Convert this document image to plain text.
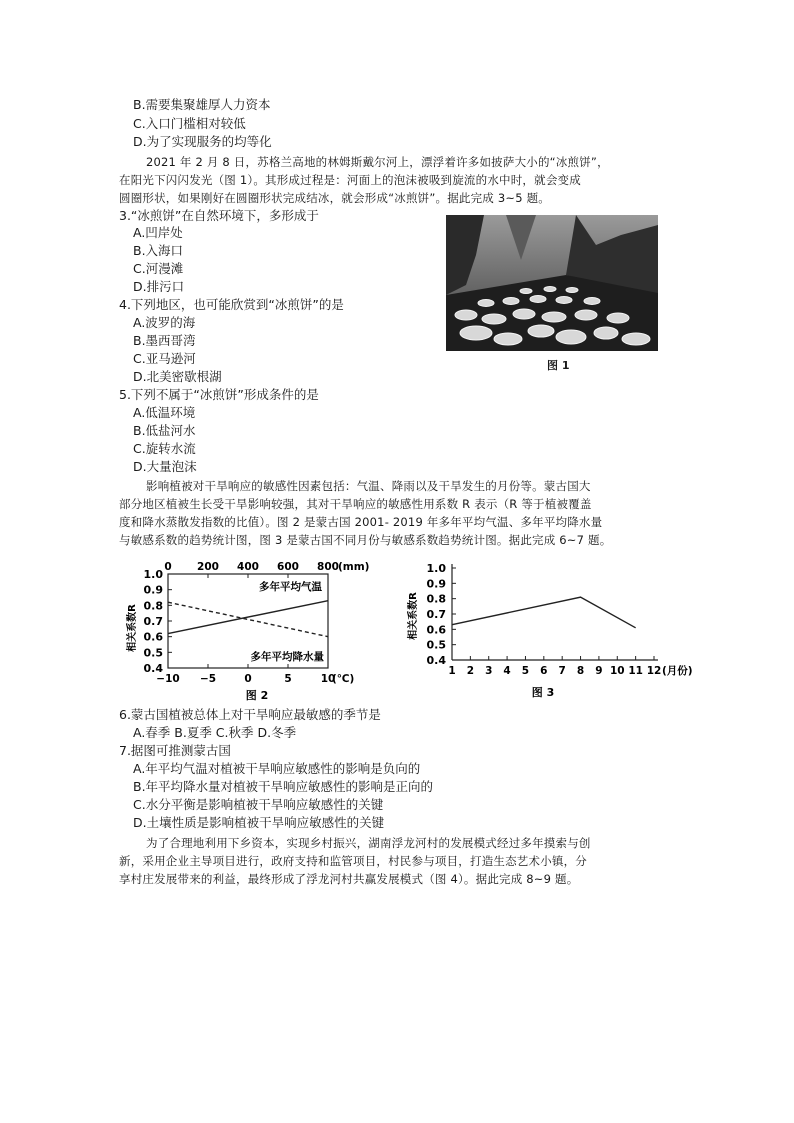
B.需要集聚雄厚人力资本
C.入口门槛相对较低
D.为了实现服务的均等化
2021 年 2 月 8 日，苏格兰高地的林姆斯戴尔河上，漂浮着许多如披萨大小的“冰煎饼”，
在阳光下闪闪发光（图 1）。其形成过程是：河面上的泡沫被吸到旋流的水中时，就会变成
圆圈形状，如果刚好在圆圈形状完成结冰，就会形成“冰煎饼”。据此完成 3~5 题。
3.“冰煎饼”在自然环境下，多形成于
A.凹岸处
B.入海口
C.河漫滩
D.排污口
4.下列地区，也可能欣赏到“冰煎饼”的是
A.波罗的海
B.墨西哥湾
C.亚马逊河
D.北美密歇根湖
5.下列不属于“冰煎饼”形成条件的是
A.低温环境
B.低盐河水
C.旋转水流
D.大量泡沫
图 1
影响植被对干旱响应的敏感性因素包括：气温、降雨以及干旱发生的月份等。蒙古国大
部分地区植被生长受干旱影响较强，其对干旱响应的敏感性用系数 R 表示（R 等于植被覆盖
度和降水蒸散发指数的比值）。图 2 是蒙古国 2001- 2019 年多年平均气温、多年平均降水量
与敏感系数的趋势统计图，图 3 是蒙古国不同月份与敏感系数趋势统计图。据此完成 6~7 题。
相关系数R
1.0
0.9
0.8
0.7
0.6
0.5
0.4
−10 −5	0	5	10
(℃)
0 200 400 600 800 (mm)
多年平均气温
多年平均降水量
图 2
相关系数R
1.0
0.9
0.8
0.7
0.6
0.5
0.4
1 2 3 4 5 6 7 8 9 10 11 12 (月份)
图 3
6.蒙古国植被总体上对干旱响应最敏感的季节是
A.春季 B.夏季 C.秋季 D.冬季
7.据图可推测蒙古国
A.年平均气温对植被干旱响应敏感性的影响是负向的
B.年平均降水量对植被干旱响应敏感性的影响是正向的
C.水分平衡是影响植被干旱响应敏感性的关键
D.土壤性质是影响植被干旱响应敏感性的关键
为了合理地利用下乡资本，实现乡村振兴，湖南浮龙河村的发展模式经过多年摸索与创
新，采用企业主导项目进行，政府支持和监管项目，村民参与项目，打造生态艺术小镇，分
享村庄发展带来的利益，最终形成了浮龙河村共赢发展模式（图 4）。据此完成 8~9 题。
